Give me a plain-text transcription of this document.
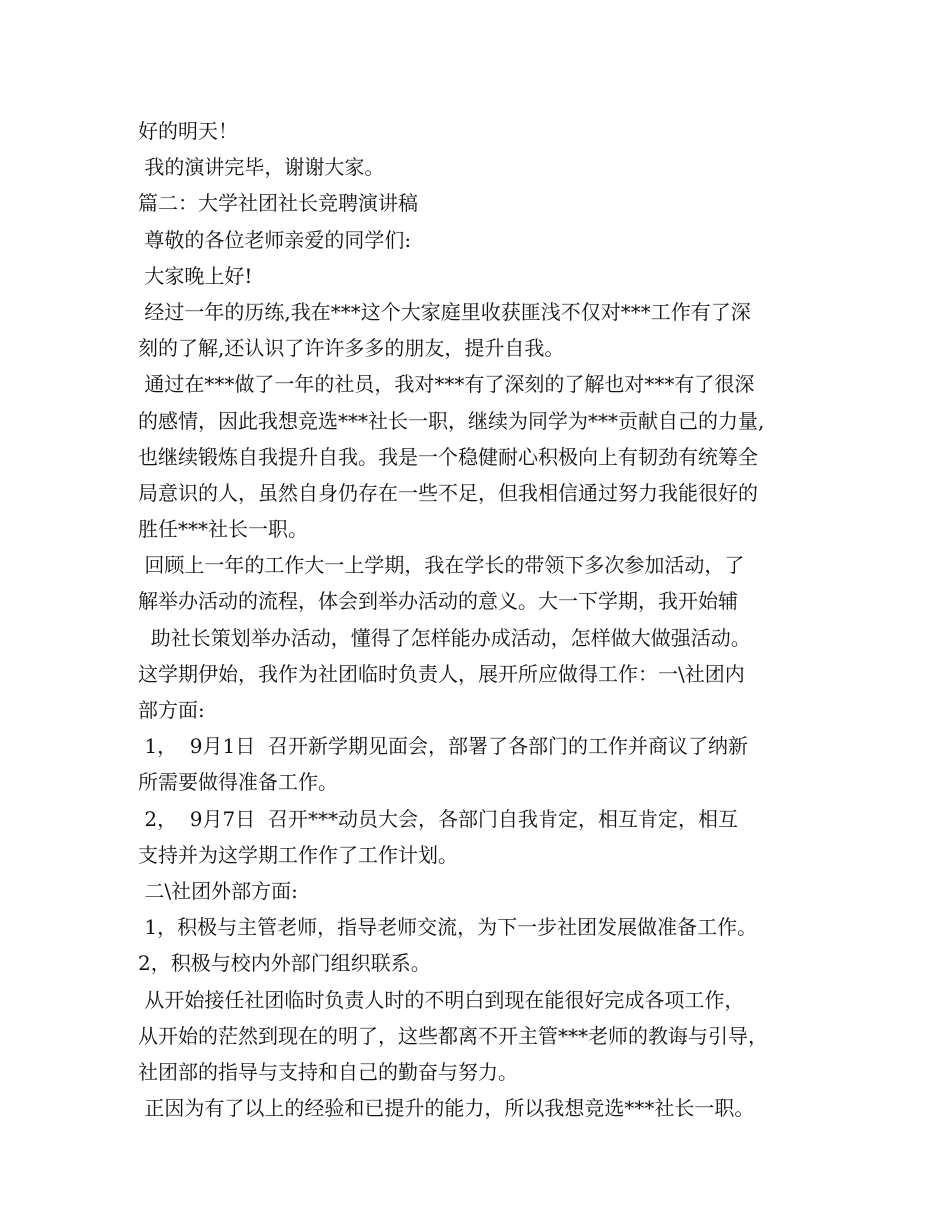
好的明天！
我的演讲完毕，谢谢大家。
篇二：大学社团社长竞聘演讲稿
尊敬的各位老师亲爱的同学们:
大家晚上好!
经过一年的历练,我在***这个大家庭里收获匪浅不仅对***工作有了深
刻的了解,还认识了许许多多的朋友，提升自我。
通过在***做了一年的社员，我对***有了深刻的了解也对***有了很深
的感情，因此我想竞选***社长一职，继续为同学为***贡献自己的力量,
也继续锻炼自我提升自我。我是一个稳健耐心积极向上有韧劲有统筹全
局意识的人，虽然自身仍存在一些不足，但我相信通过努力我能很好的
胜任***社长一职。
回顾上一年的工作大一上学期，我在学长的带领下多次参加活动，了
解举办活动的流程，体会到举办活动的意义。大一下学期，我开始辅
助社长策划举办活动，懂得了怎样能办成活动，怎样做大做强活动。
这学期伊始，我作为社团临时负责人，展开所应做得工作：一\社团内
部方面:
1，  9月1日  召开新学期见面会，部署了各部门的工作并商议了纳新
所需要做得准备工作。
2，  9月7日  召开***动员大会，各部门自我肯定，相互肯定，相互
支持并为这学期工作作了工作计划。
二\社团外部方面:
1，积极与主管老师，指导老师交流，为下一步社团发展做准备工作。
2，积极与校内外部门组织联系。
从开始接任社团临时负责人时的不明白到现在能很好完成各项工作，
从开始的茫然到现在的明了，这些都离不开主管***老师的教诲与引导，
社团部的指导与支持和自己的勤奋与努力。
正因为有了以上的经验和已提升的能力，所以我想竞选***社长一职。
